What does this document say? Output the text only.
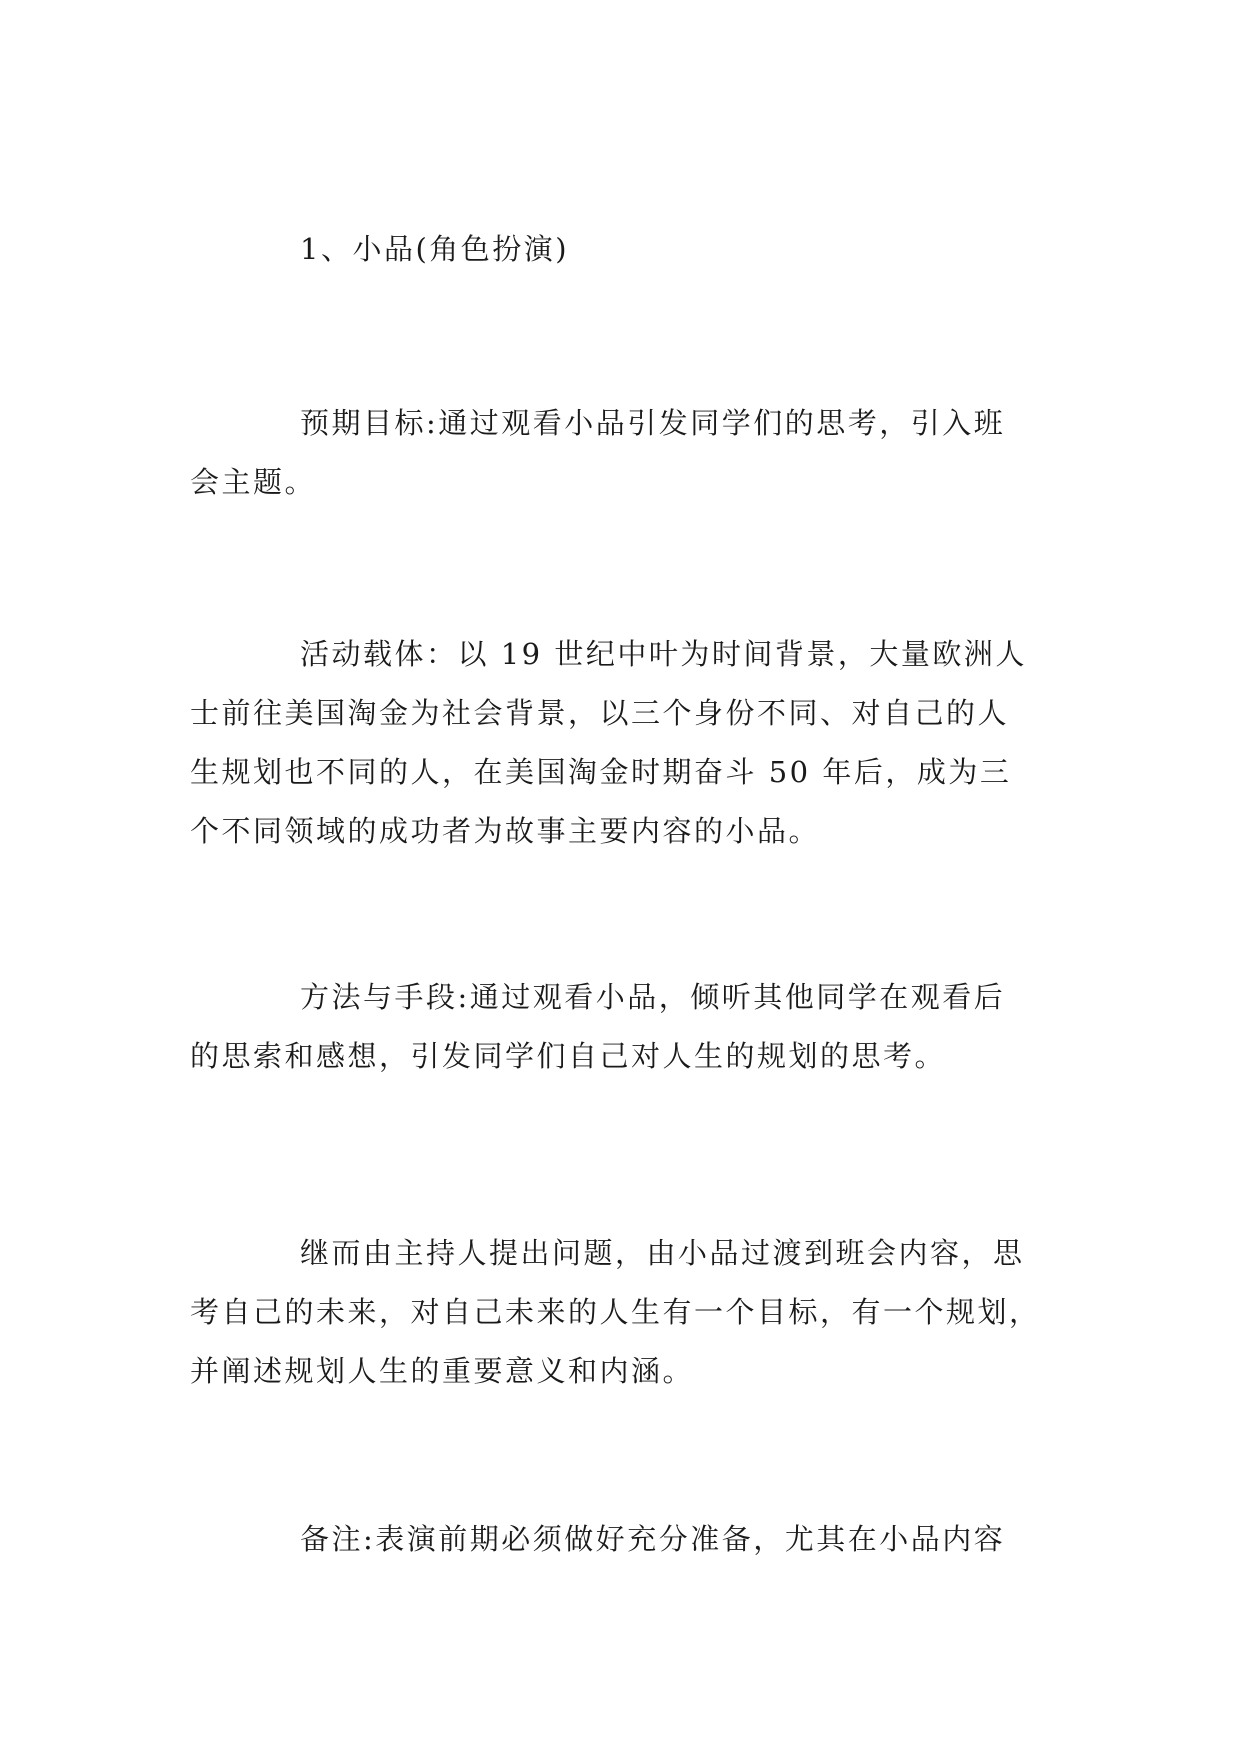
1、小品(角色扮演)

预期目标:通过观看小品引发同学们的思考，引入班
会主题。

活动载体：以 19 世纪中叶为时间背景，大量欧洲人
士前往美国淘金为社会背景，以三个身份不同、对自己的人
生规划也不同的人，在美国淘金时期奋斗 50 年后，成为三
个不同领域的成功者为故事主要内容的小品。

方法与手段:通过观看小品，倾听其他同学在观看后
的思索和感想，引发同学们自己对人生的规划的思考。

继而由主持人提出问题，由小品过渡到班会内容，思
考自己的未来，对自己未来的人生有一个目标，有一个规划，
并阐述规划人生的重要意义和内涵。

备注:表演前期必须做好充分准备，尤其在小品内容
